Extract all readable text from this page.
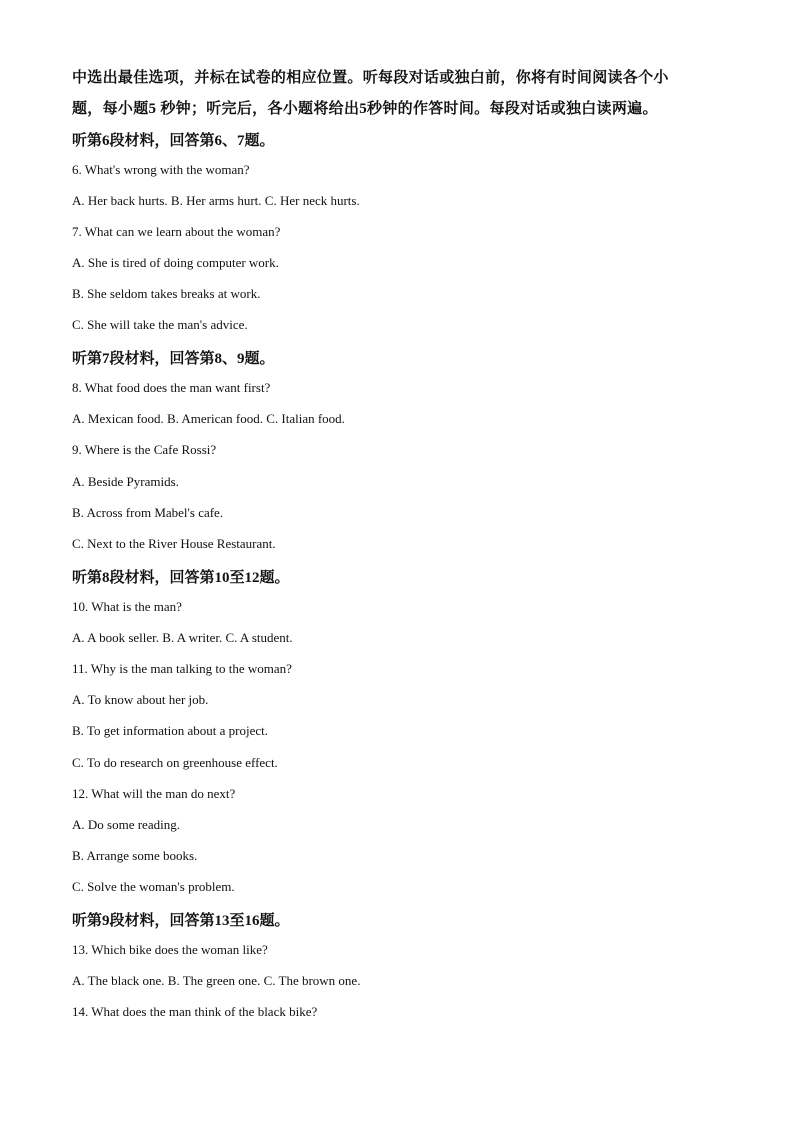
中选出最佳选项，并标在试卷的相应位置。听每段对话或独白前，你将有时间阅读各个小
题，每小题5 秒钟；听完后，各小题将给出5秒钟的作答时间。每段对话或独白读两遍。
听第6段材料，回答第6、7题。
6. What's wrong with the woman?
A. Her back hurts. B. Her arms hurt. C. Her neck hurts.
7. What can we learn about the woman?
A. She is tired of doing computer work.
B. She seldom takes breaks at work.
C. She will take the man's advice.
听第7段材料，回答第8、9题。
8. What food does the man want first?
A. Mexican food. B. American food. C. Italian food.
9. Where is the Cafe Rossi?
A. Beside Pyramids.
B. Across from Mabel's cafe.
C. Next to the River House Restaurant.
听第8段材料，回答第10至12题。
10. What is the man?
A. A book seller. B. A writer. C. A student.
11. Why is the man talking to the woman?
A. To know about her job.
B. To get information about a project.
C. To do research on greenhouse effect.
12. What will the man do next?
A. Do some reading.
B. Arrange some books.
C. Solve the woman's problem.
听第9段材料，回答第13至16题。
13. Which bike does the woman like?
A. The black one. B. The green one. C. The brown one.
14. What does the man think of the black bike?
